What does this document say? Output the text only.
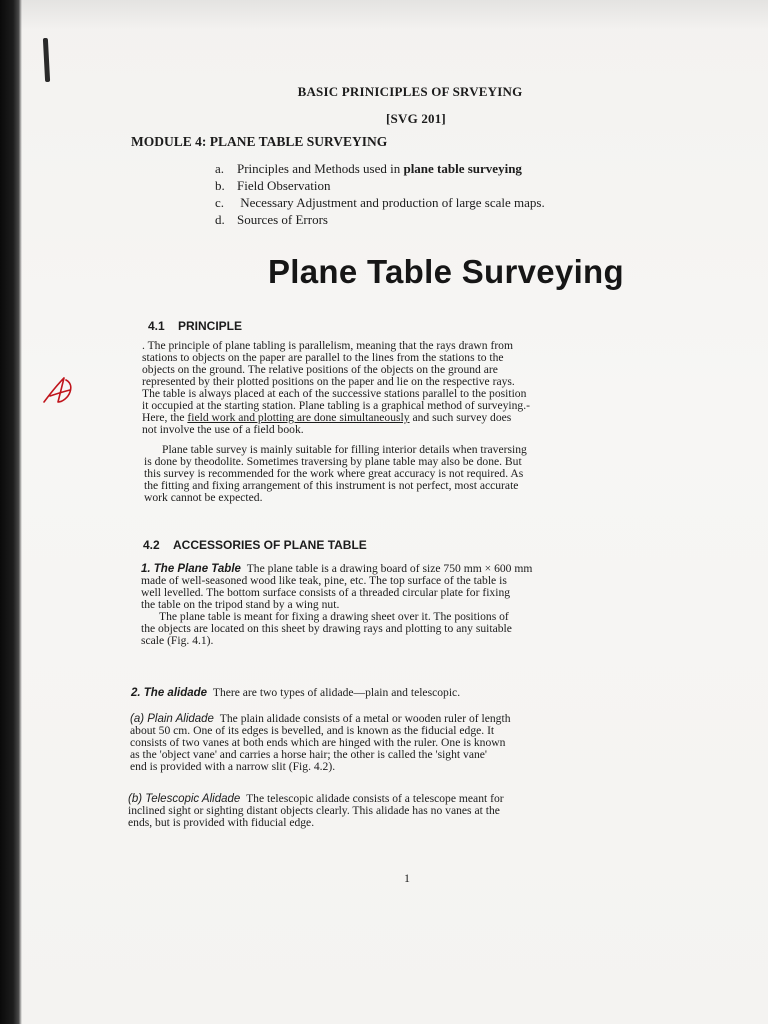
BASIC PRINICIPLES OF SRVEYING
[SVG 201]
MODULE 4: PLANE TABLE SURVEYING
a. Principles and Methods used in plane table surveying
b. Field Observation
c. Necessary Adjustment and production of large scale maps.
d. Sources of Errors
Plane Table Surveying
4.1 PRINCIPLE
. The principle of plane tabling is parallelism, meaning that the rays drawn from
stations to objects on the paper are parallel to the lines from the stations to the
objects on the ground. The relative positions of the objects on the ground are
represented by their plotted positions on the paper and lie on the respective rays.
The table is always placed at each of the successive stations parallel to the position
it occupied at the starting station. Plane tabling is a graphical method of surveying.-
Here, the field work and plotting are done simultaneously and such survey does
not involve the use of a field book.
Plane table survey is mainly suitable for filling interior details when traversing
is done by theodolite. Sometimes traversing by plane table may also be done. But
this survey is recommended for the work where great accuracy is not required. As
the fitting and fixing arrangement of this instrument is not perfect, most accurate
work cannot be expected.
4.2 ACCESSORIES OF PLANE TABLE
1. The Plane Table The plane table is a drawing board of size 750 mm × 600 mm
made of well-seasoned wood like teak, pine, etc. The top surface of the table is
well levelled. The bottom surface consists of a threaded circular plate for fixing
the table on the tripod stand by a wing nut.
The plane table is meant for fixing a drawing sheet over it. The positions of
the objects are located on this sheet by drawing rays and plotting to any suitable
scale (Fig. 4.1).
2. The alidade There are two types of alidade—plain and telescopic.
(a) Plain Alidade The plain alidade consists of a metal or wooden ruler of length
about 50 cm. One of its edges is bevelled, and is known as the fiducial edge. It
consists of two vanes at both ends which are hinged with the ruler. One is known
as the 'object vane' and carries a horse hair; the other is called the 'sight vane'
end is provided with a narrow slit (Fig. 4.2).
(b) Telescopic Alidade The telescopic alidade consists of a telescope meant for
inclined sight or sighting distant objects clearly. This alidade has no vanes at the
ends, but is provided with fiducial edge.
1
